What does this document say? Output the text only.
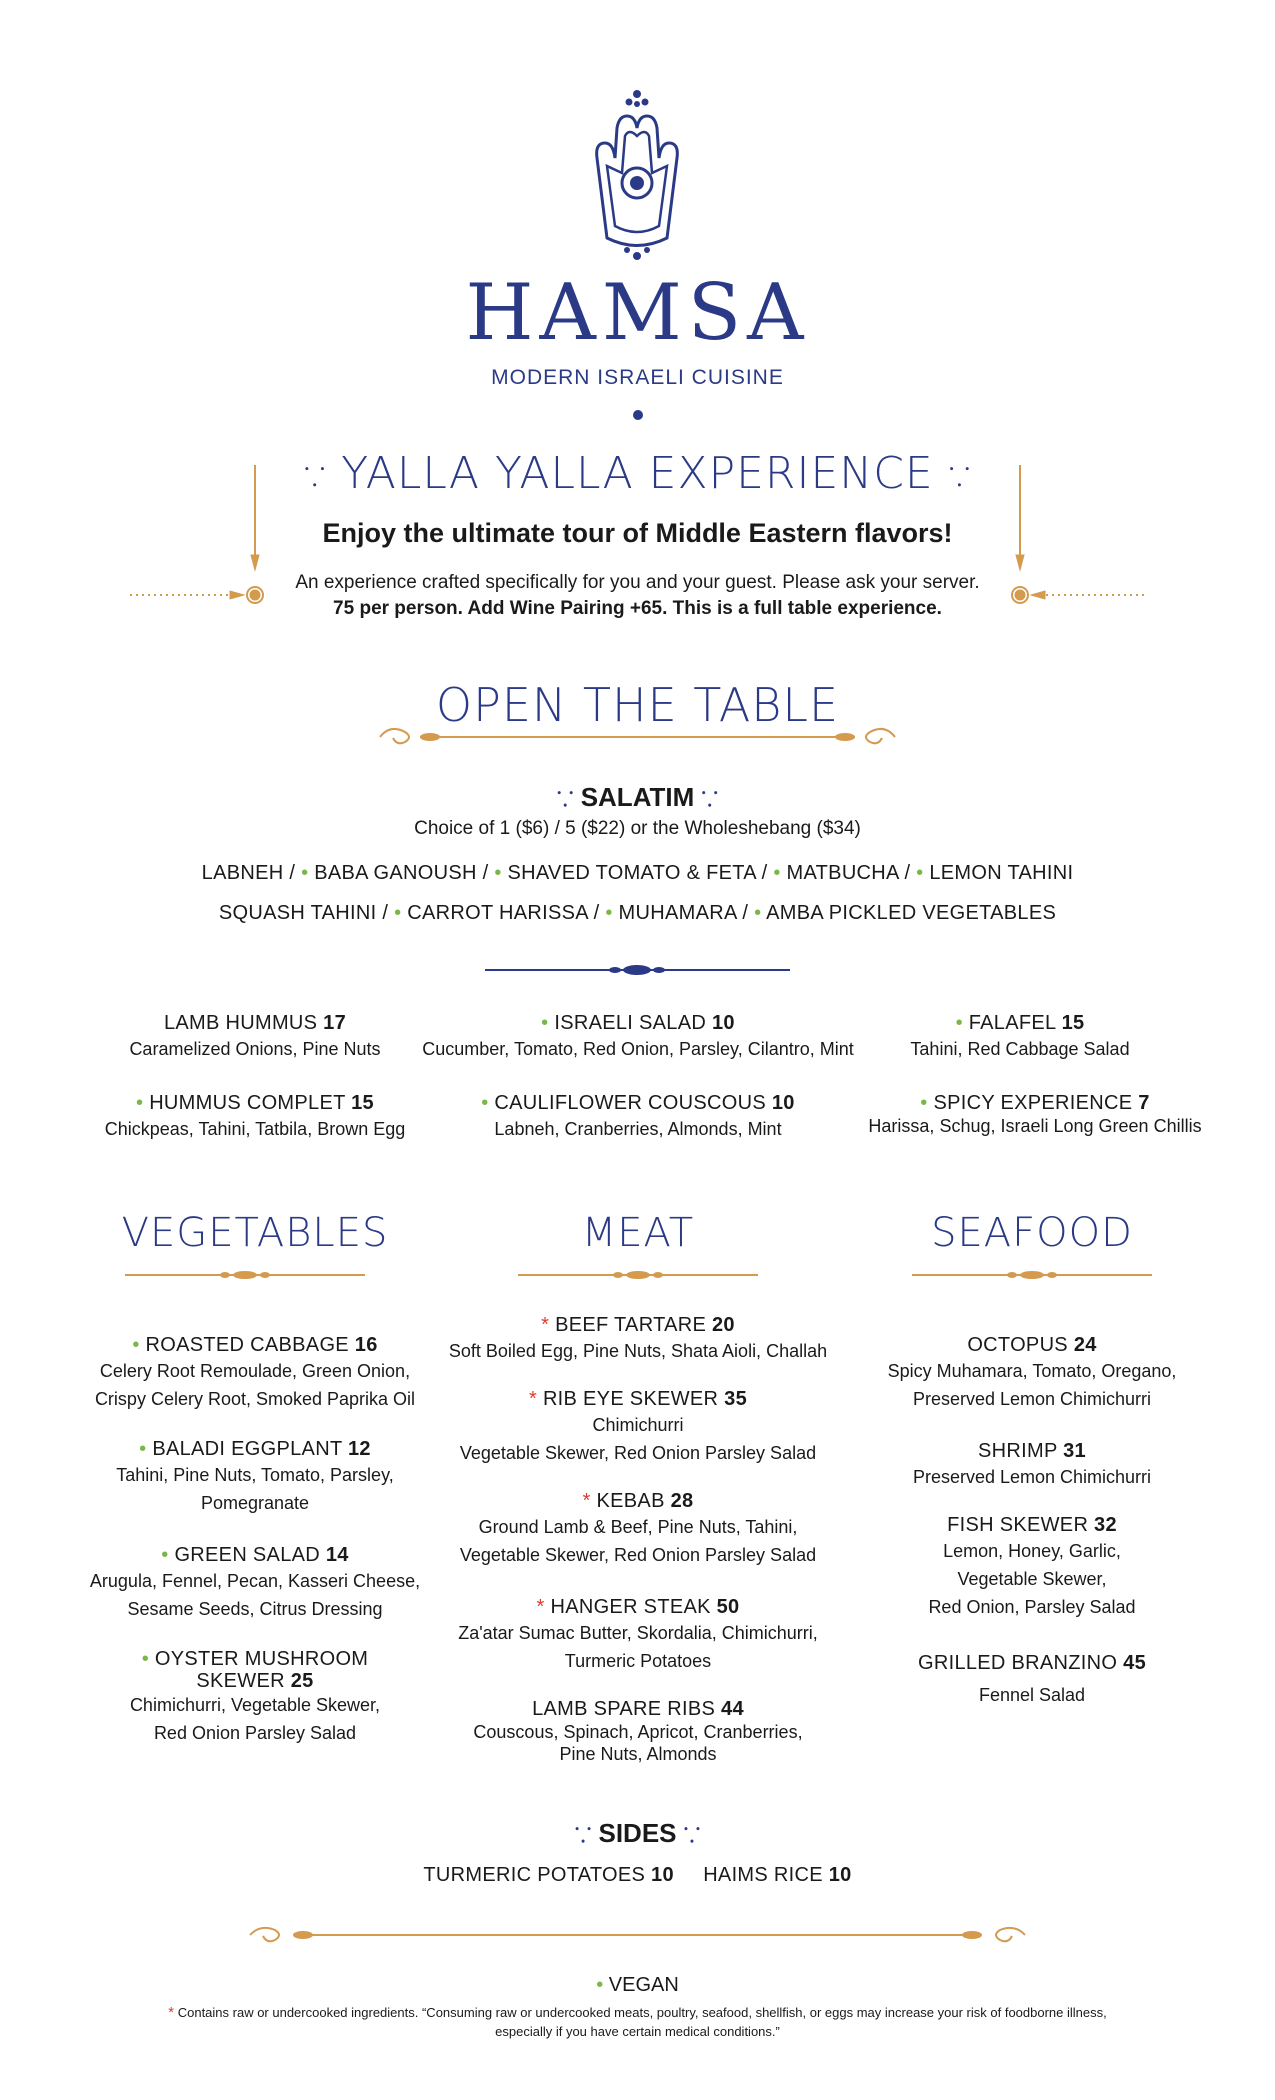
HAMSA
MODERN ISRAELI CUISINE
⸪ YALLA YALLA EXPERIENCE ⸪
Enjoy the ultimate tour of Middle Eastern flavors!
An experience crafted specifically for you and your guest. Please ask your server.
75 per person. Add Wine Pairing +65. This is a full table experience.
OPEN THE TABLE
⸪ SALATIM ⸪
Choice of 1 ($6) / 5 ($22) or the Wholeshebang ($34)
LABNEH / • BABA GANOUSH / • SHAVED TOMATO & FETA / • MATBUCHA / • LEMON TAHINI
SQUASH TAHINI / • CARROT HARISSA / • MUHAMARA / • AMBA PICKLED VEGETABLES
LAMB HUMMUS 17
Caramelized Onions, Pine Nuts
• ISRAELI SALAD 10
Cucumber, Tomato, Red Onion, Parsley, Cilantro, Mint
• FALAFEL 15
Tahini, Red Cabbage Salad
• HUMMUS COMPLET 15
Chickpeas, Tahini, Tatbila, Brown Egg
• CAULIFLOWER COUSCOUS 10
Labneh, Cranberries, Almonds, Mint
• SPICY EXPERIENCE 7
Harissa, Schug, Israeli Long Green Chillis
VEGETABLES	MEAT	SEAFOOD
• ROASTED CABBAGE 16
Celery Root Remoulade, Green Onion,
Crispy Celery Root, Smoked Paprika Oil
• BALADI EGGPLANT 12
Tahini, Pine Nuts, Tomato, Parsley,
Pomegranate
• GREEN SALAD 14
Arugula, Fennel, Pecan, Kasseri Cheese,
Sesame Seeds, Citrus Dressing
• OYSTER MUSHROOM
SKEWER 25
Chimichurri, Vegetable Skewer,
Red Onion Parsley Salad
* BEEF TARTARE 20
Soft Boiled Egg, Pine Nuts, Shata Aioli, Challah
* RIB EYE SKEWER 35
Chimichurri
Vegetable Skewer, Red Onion Parsley Salad
* KEBAB 28
Ground Lamb & Beef, Pine Nuts, Tahini,
Vegetable Skewer, Red Onion Parsley Salad
* HANGER STEAK 50
Za'atar Sumac Butter, Skordalia, Chimichurri,
Turmeric Potatoes
LAMB SPARE RIBS 44
Couscous, Spinach, Apricot, Cranberries,
Pine Nuts, Almonds
OCTOPUS 24
Spicy Muhamara, Tomato, Oregano,
Preserved Lemon Chimichurri
SHRIMP 31
Preserved Lemon Chimichurri
FISH SKEWER 32
Lemon, Honey, Garlic,
Vegetable Skewer,
Red Onion, Parsley Salad
GRILLED BRANZINO 45
Fennel Salad
⸪ SIDES ⸪
TURMERIC POTATOES 10 HAIMS RICE 10
• VEGAN
* Contains raw or undercooked ingredients. “Consuming raw or undercooked meats, poultry, seafood, shellfish, or eggs may increase your risk of foodborne illness,
especially if you have certain medical conditions.”
